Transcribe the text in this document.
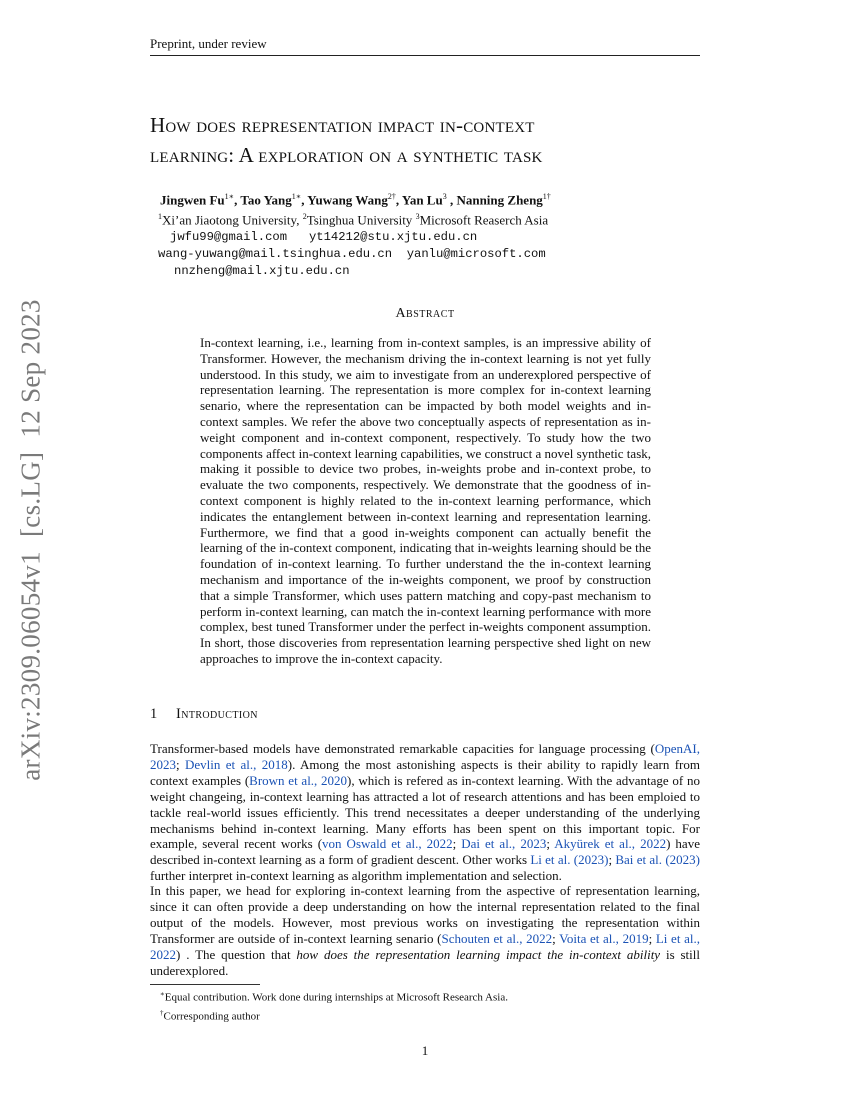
Preprint, under review
How does representation impact in-context
learning: A exploration on a synthetic task
Jingwen $Fu^{1∗}$, Tao Yang$^{1∗}$, Yuwang Wang$^{2\dagger}$, Yan Lu$^3$ , Nanning Zheng$^{1\dagger}$
$^1$Xi’an Jiaotong University, $^2$Tsinghua University $^3$Microsoft Reaserch Asia
jwfu99@gmail.com yt14212@stu.xjtu.edu.cn
wang-yuwang@mail.tsinghua.edu.cn yanlu@microsoft.com
nnzheng@mail.xjtu.edu.cn
Abstract
In-context learning, i.e., learning from in-context samples, is an impressive ability of Transformer. However, the mechanism driving the in-context learning is not yet fully understood. In this study, we aim to investigate from an underexplored perspective of representation learning. The representation is more complex for in-context learning senario, where the representation can be impacted by both model weights and in-context samples. We refer the above two conceptually aspects of representation as in-weight component and in-context component, respectively. To study how the two components affect in-context learning capabilities, we construct a novel synthetic task, making it possible to device two probes, in-weights probe and in-context probe, to evaluate the two components, respectively. We demonstrate that the goodness of in-context component is highly related to the in-context learning performance, which indicates the entanglement between in-context learning and representation learning. Furthermore, we find that a good in-weights component can actually benefit the learning of the in-context component, indicating that in-weights learning should be the foundation of in-context learning. To further understand the the in-context learning mechanism and importance of the in-weights component, we proof by construction that a simple Transformer, which uses pattern matching and copy-past mechanism to perform in-context learning, can match the in-context learning performance with more complex, best tuned Transformer under the perfect in-weights component assumption. In short, those discoveries from representation learning perspective shed light on new approaches to improve the in-context capacity.
1 Introduction
Transformer-based models have demonstrated remarkable capacities for language processing (OpenAI, 2023; Devlin et al., 2018). Among the most astonishing aspects is their ability to rapidly learn from context examples (Brown et al., 2020), which is refered as in-context learning. With the advantage of no weight changeing, in-context learning has attracted a lot of research attentions and has been emploied to tackle real-world issues efficiently. This trend necessitates a deeper understanding of the underlying mechanisms behind in-context learning. Many efforts has been spent on this important topic. For example, several recent works (von Oswald et al., 2022; Dai et al., 2023; Akyürek et al., 2022) have described in-context learning as a form of gradient descent. Other works Li et al. (2023); Bai et al. (2023) further interpret in-context learning as algorithm implementation and selection.
In this paper, we head for exploring in-context learning from the aspective of representation learning, since it can often provide a deep understanding on how the internal representation related to the final output of the models. However, most previous works on investigating the representation within Transformer are outside of in-context learning senario (Schouten et al., 2022; Voita et al., 2019; Li et al., 2022) . The question that how does the representation learning impact the in-context ability is still underexplored.
∗Equal contribution. Work done during internships at Microsoft Research Asia.
†Corresponding author
1
arXiv:2309.06054v1  [cs.LG]  12 Sep 2023
